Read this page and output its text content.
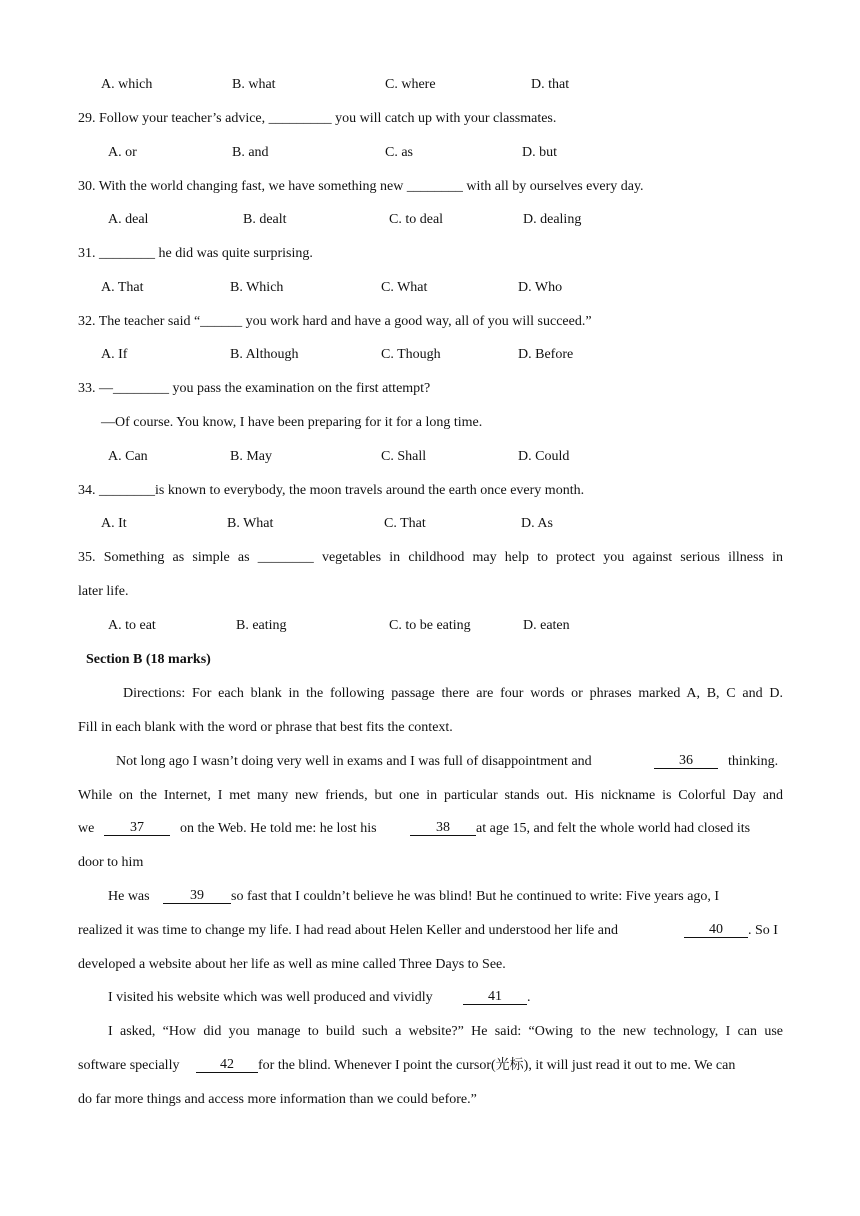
A. which	B. what	C. where	D. that
29. Follow your teacher’s advice, _________ you will catch up with your classmates.
A. or	B. and	C. as	D. but
30. With the world changing fast, we have something new ________ with all by ourselves every day.
A. deal	B. dealt	C. to deal	D. dealing
31. ________ he did was quite surprising.
A. That	B. Which	C. What	D. Who
32. The teacher said “______ you work hard and have a good way, all of you will succeed.”
A. If	B. Although	C. Though	D. Before
33. —________ you pass the examination on the first attempt?
—Of course. You know, I have been preparing for it for a long time.
A. Can	B. May	C. Shall	D. Could
34. ________is known to everybody, the moon travels around the earth once every month.
A. It	B. What	C. That	D. As
35. Something as simple as ________ vegetables in childhood may help to protect you against serious illness in
later life.
A. to eat	B. eating	C. to be eating	D. eaten
Section B (18 marks)
Directions: For each blank in the following passage there are four words or phrases marked A, B, C and D.
Fill in each blank with the word or phrase that best fits the context.
Not long ago I wasn’t doing very well in exams and I was full of disappointment and	36	thinking.
While on the Internet, I met many new friends, but one in particular stands out. His nickname is Colorful Day and
we	37	on the Web. He told me: he lost his	38	at age 15, and felt the whole world had closed its
door to him
He was	39	so fast that I couldn’t believe he was blind! But he continued to write: Five years ago, I
realized it was time to change my life. I had read about Helen Keller and understood her life and	40	. So I
developed a website about her life as well as mine called Three Days to See.
I visited his website which was well produced and vividly	41	.
I asked, “How did you manage to build such a website?” He said: “Owing to the new technology, I can use
software specially	42	for the blind. Whenever I point the cursor(光标), it will just read it out to me. We can
do far more things and access more information than we could before.”
